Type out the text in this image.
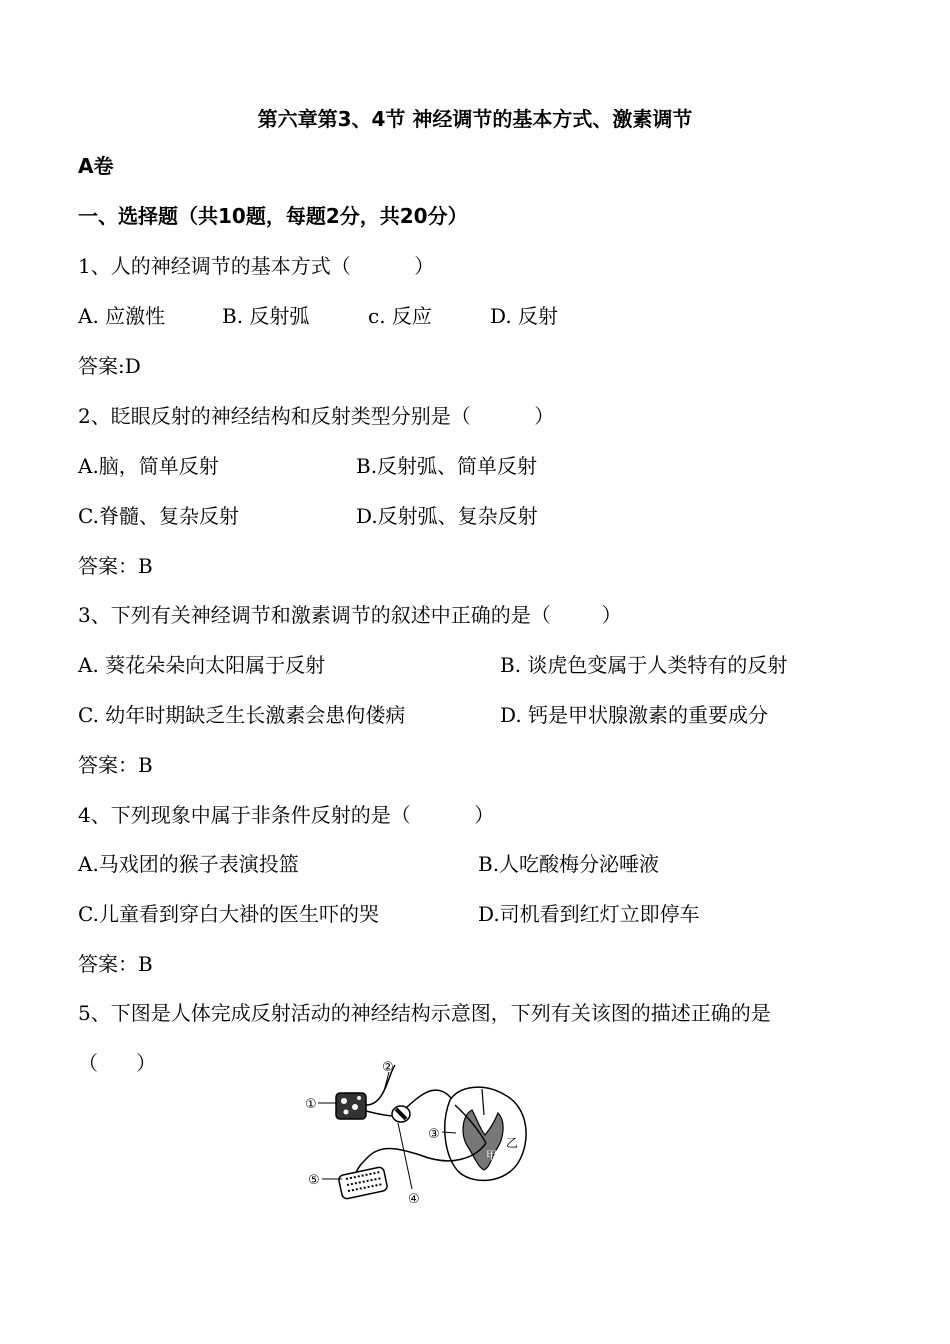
第六章第3、4节 神经调节的基本方式、激素调节
A卷
一、选择题（共10题，每题2分，共20分）
1、人的神经调节的基本方式（          ）
A. 应激性	B. 反射弧	c. 反应	D. 反射
答案:D
2、眨眼反射的神经结构和反射类型分别是（          ）
A.脑，简单反射	B.反射弧、简单反射
C.脊髓、复杂反射	D.反射弧、复杂反射
答案：B
3、下列有关神经调节和激素调节的叙述中正确的是（        ）
A. 葵花朵朵向太阳属于反射	B. 谈虎色变属于人类特有的反射
C. 幼年时期缺乏生长激素会患佝偻病	D. 钙是甲状腺激素的重要成分
答案：B
4、下列现象中属于非条件反射的是（          ）
A.马戏团的猴子表演投篮	B.人吃酸梅分泌唾液
C.儿童看到穿白大褂的医生吓的哭	D.司机看到红灯立即停车
答案：B
5、下图是人体完成反射活动的神经结构示意图，下列有关该图的描述正确的是
（      ）
①
②
③
④
⑤
甲
乙
